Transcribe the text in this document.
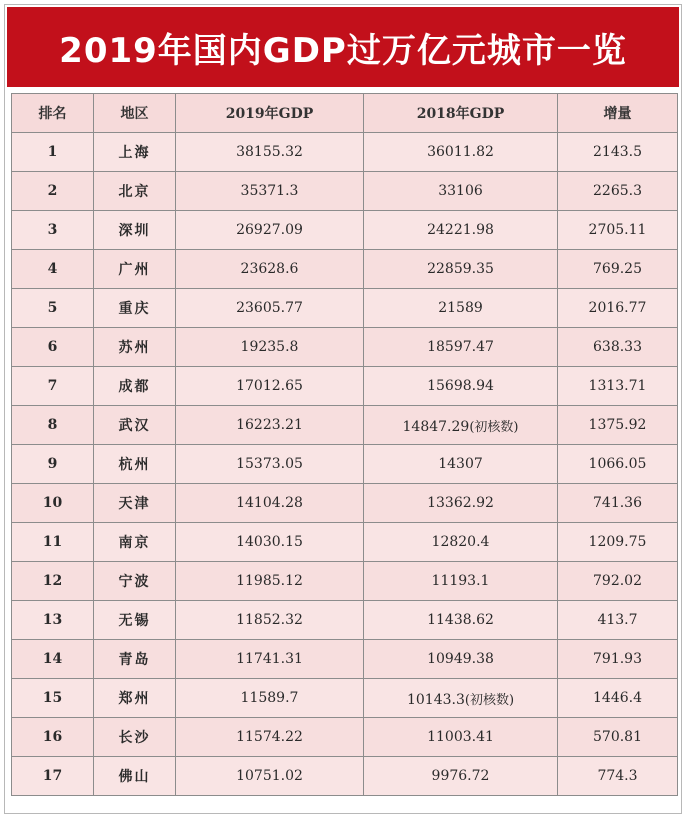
2019年国内GDP过万亿元城市一览
排名	地区	2019年GDP	2018年GDP	增量
1	上海	38155.32	36011.82	2143.5
2	北京	35371.3	33106	2265.3
3	深圳	26927.09	24221.98	2705.11
4	广州	23628.6	22859.35	769.25
5	重庆	23605.77	21589	2016.77
6	苏州	19235.8	18597.47	638.33
7	成都	17012.65	15698.94	1313.71
8	武汉	16223.21	14847.29(初核数)	1375.92
9	杭州	15373.05	14307	1066.05
10	天津	14104.28	13362.92	741.36
11	南京	14030.15	12820.4	1209.75
12	宁波	11985.12	11193.1	792.02
13	无锡	11852.32	11438.62	413.7
14	青岛	11741.31	10949.38	791.93
15	郑州	11589.7	10143.3(初核数)	1446.4
16	长沙	11574.22	11003.41	570.81
17	佛山	10751.02	9976.72	774.3
